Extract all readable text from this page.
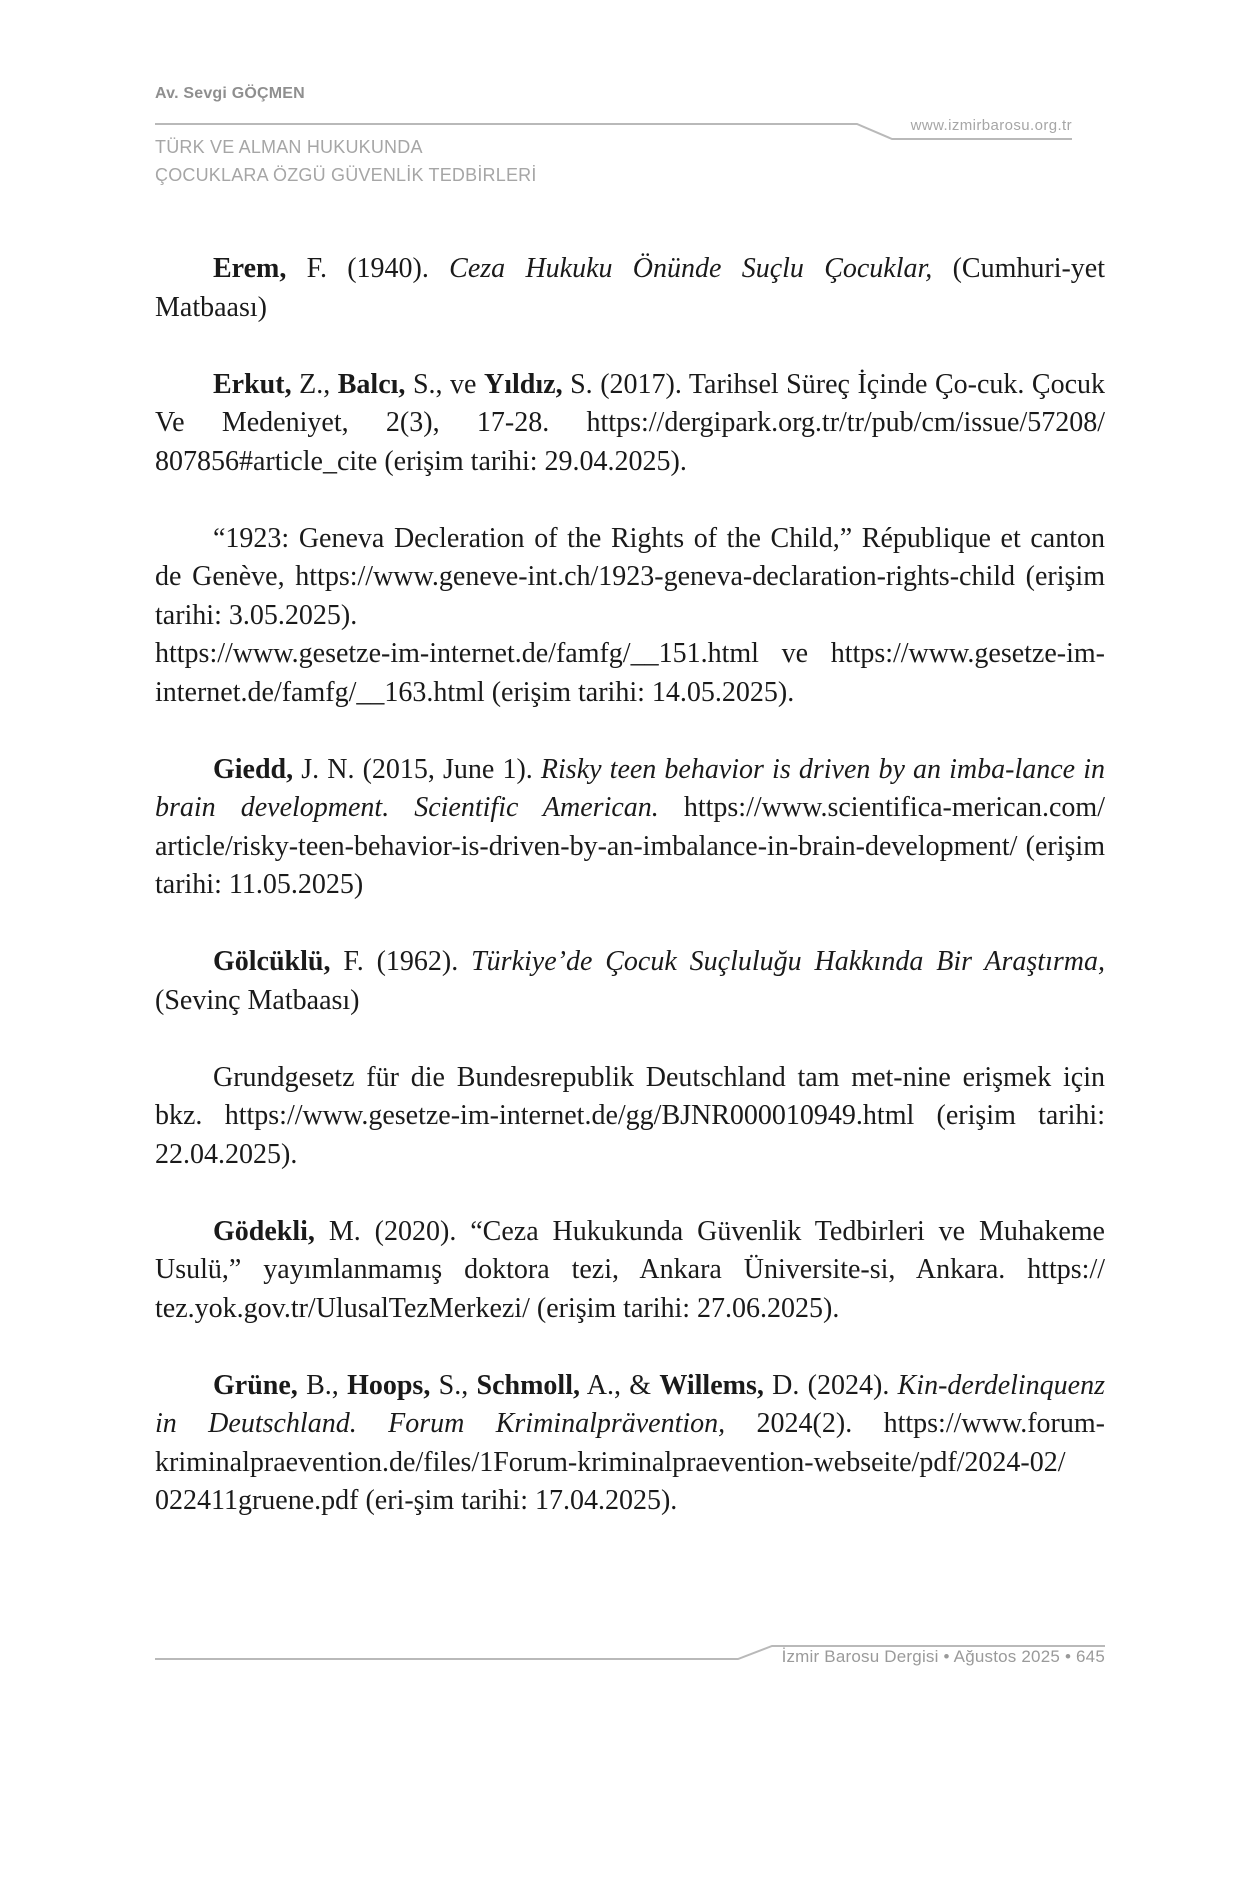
Av. Sevgi GÖÇMEN
www.izmirbarosu.org.tr
TÜRK VE ALMAN HUKUKUNDA
ÇOCUKLARA ÖZGÜ GÜVENLİK TEDBİRLERİ

Erem, F. (1940). Ceza Hukuku Önünde Suçlu Çocuklar, (Cumhuri-yet Matbaası)

Erkut, Z., Balcı, S., ve Yıldız, S. (2017). Tarihsel Süreç İçinde Ço-cuk. Çocuk Ve Medeniyet, 2(3), 17-28. https:/​/​dergipark.org.tr/​tr/​pub/​cm/​issue/​57208/​807856#article_cite (erişim tarihi: 29.04.2025).

“1923: Geneva Decleration of the Rights of the Child,” République et canton de Genève, https:/​/​www.geneve-int.ch/​1923-geneva-declaration-rights-child (erişim tarihi: 3.05.2025).
https:/​/​www.gesetze-im-internet.de/​famfg/​__151.html ve https:/​/​www.gesetze-im-internet.de/​famfg/​__163.html (erişim tarihi: 14.05.2025).

Giedd, J. N. (2015, June 1). Risky teen behavior is driven by an imba-lance in brain development. Scientific American. https:/​/​www.scientifica-merican.com/​article/​risky-teen-behavior-is-driven-by-an-imbalance-in-brain-development/​ (erişim tarihi: 11.05.2025)

Gölcüklü, F. (1962). Türkiye’de Çocuk Suçluluğu Hakkında Bir Araştırma, (Sevinç Matbaası)

Grundgesetz für die Bundesrepublik Deutschland tam met-nine erişmek için bkz. https:/​/​www.gesetze-im-internet.de/​gg/​BJNR000010949.html (erişim tarihi: 22.04.2025).

Gödekli, M. (2020). “Ceza Hukukunda Güvenlik Tedbirleri ve Muhakeme Usulü,” yayımlanmamış doktora tezi, Ankara Üniversite-si, Ankara. https:/​/​tez.yok.gov.tr/​UlusalTezMerkezi/​ (erişim tarihi: 27.06.2025).

Grüne, B., Hoops, S., Schmoll, A., & Willems, D. (2024). Kin-derdelinquenz in Deutschland. Forum Kriminalprävention, 2024(2). https:/​/​www.forum-kriminalpraevention.de/​files/​1Forum-kriminalpraevention-webseite/​pdf/​2024-02/​022411gruene.pdf (eri-şim tarihi: 17.04.2025).

İzmir Barosu Dergisi • Ağustos 2025 • 645
